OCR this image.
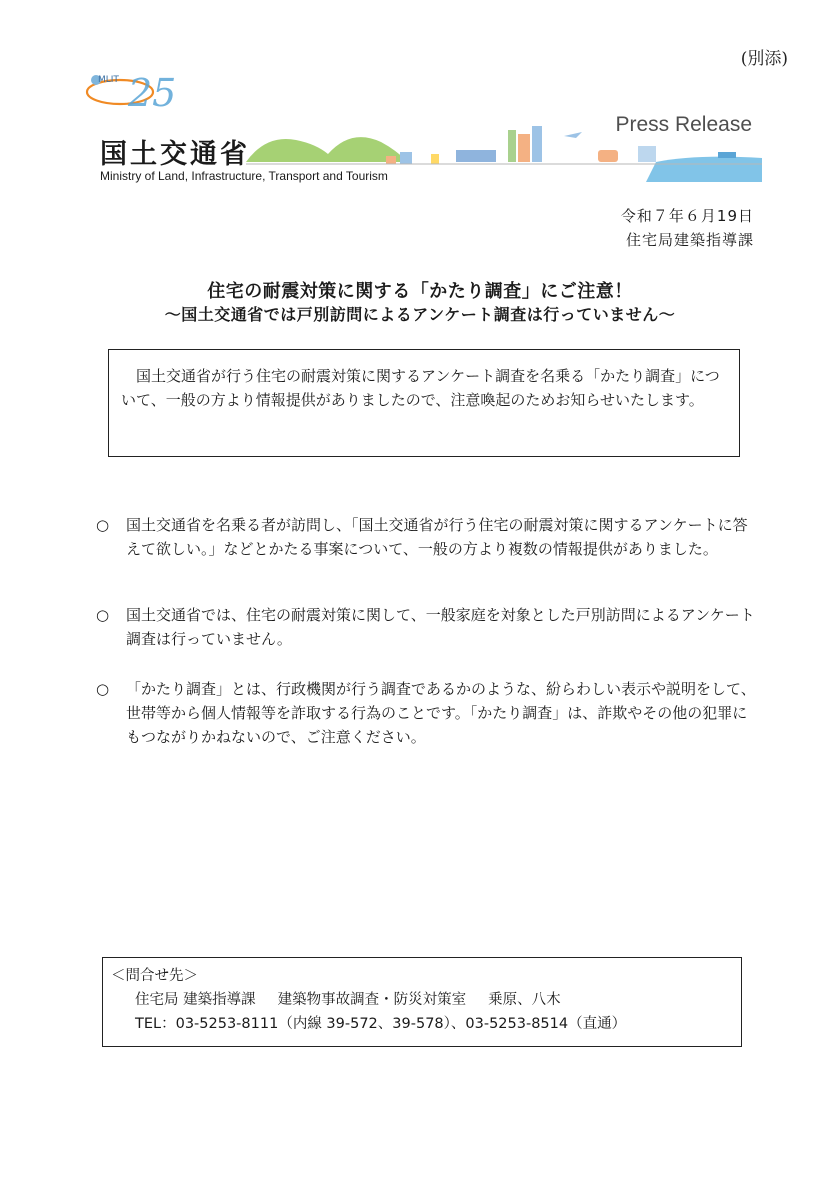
(別添)
25
MLIT
国土交通省
Ministry of Land, Infrastructure, Transport and Tourism
Press Release
令和７年６月19日
住宅局建築指導課
住宅の耐震対策に関する「かたり調査」にご注意！
～国土交通省では戸別訪問によるアンケート調査は行っていません～
国土交通省が行う住宅の耐震対策に関するアンケート調査を名乗る「かたり調査」について、一般の方より情報提供がありましたので、注意喚起のためお知らせいたします。
○ 国土交通省を名乗る者が訪問し、「国土交通省が行う住宅の耐震対策に関するアンケートに答えて欲しい。」などとかたる事案について、一般の方より複数の情報提供がありました。
○ 国土交通省では、住宅の耐震対策に関して、一般家庭を対象とした戸別訪問によるアンケート調査は行っていません。
○ 「かたり調査」とは、行政機関が行う調査であるかのような、紛らわしい表示や説明をして、世帯等から個人情報等を詐取する行為のことです。「かたり調査」は、詐欺やその他の犯罪にもつながりかねないので、ご注意ください。
＜問合せ先＞
住宅局 建築指導課 建築物事故調査・防災対策室 乗原、八木
TEL：03-5253-8111（内線 39-572、39-578）、03-5253-8514（直通）
